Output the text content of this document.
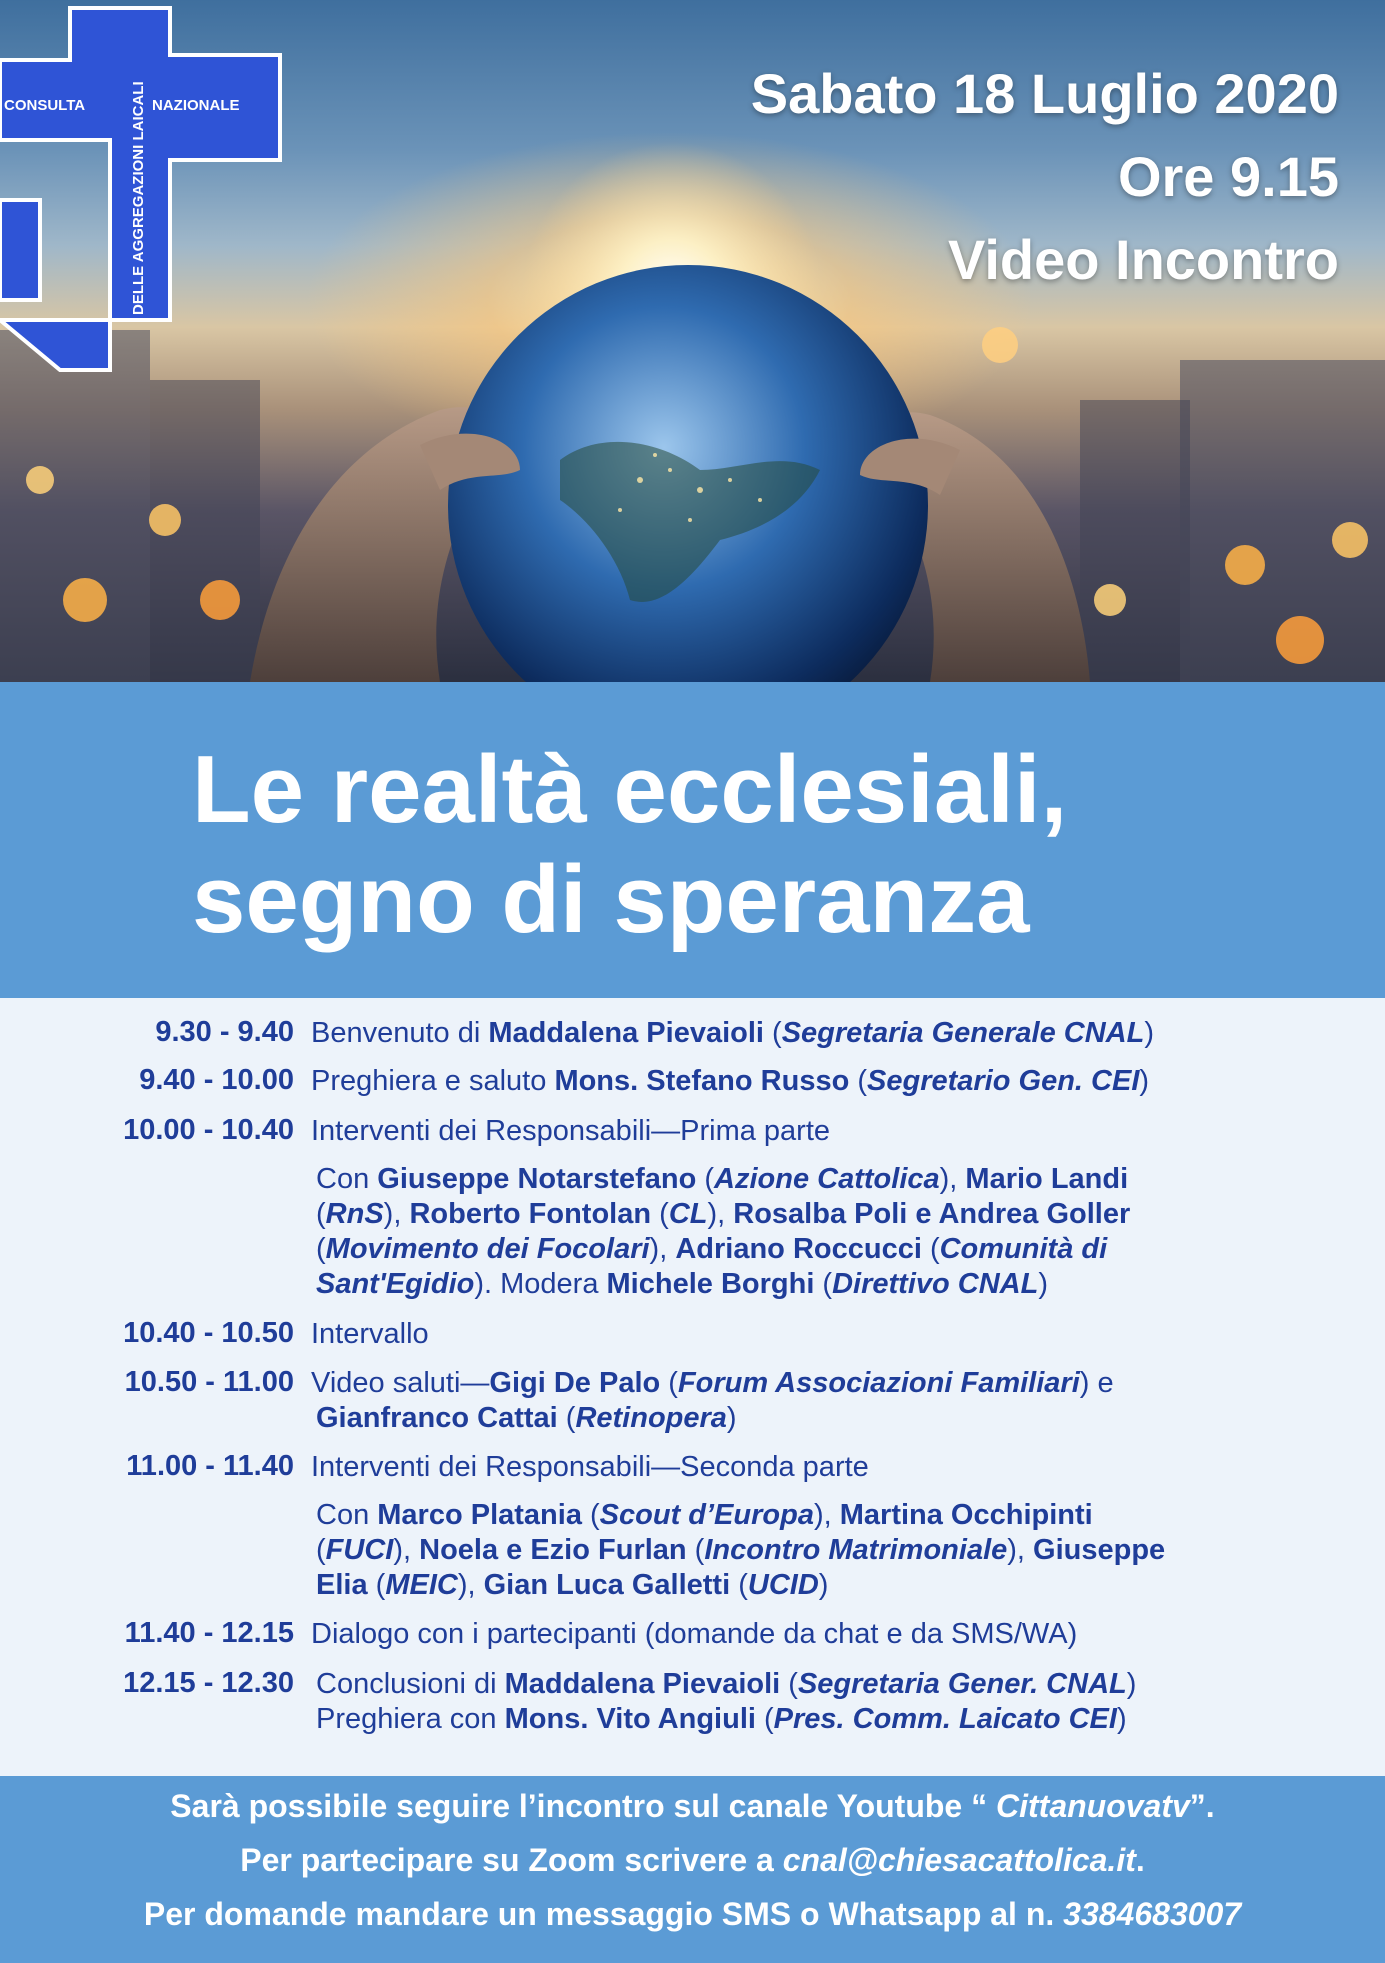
CONSULTA	NAZIONALE
DELLE AGGREGAZIONI LAICALI	Sabato 18 Luglio 2020
Ore 9.15
Video Incontro
Le realtà ecclesiali,
segno di speranza
9.30 - 9.40 Benvenuto di Maddalena Pievaioli (Segretaria Generale CNAL)
9.40 - 10.00 Preghiera e saluto Mons. Stefano Russo (Segretario Gen. CEI)
10.00 - 10.40 Interventi dei Responsabili—Prima parte
Con Giuseppe Notarstefano (Azione Cattolica), Mario Landi
(RnS), Roberto Fontolan (CL), Rosalba Poli e Andrea Goller
(Movimento dei Focolari), Adriano Roccucci (Comunità di
Sant'Egidio). Modera Michele Borghi (Direttivo CNAL)
10.40 - 10.50 Intervallo
10.50 - 11.00 Video saluti—Gigi De Palo (Forum Associazioni Familiari) e
Gianfranco Cattai (Retinopera)
11.00 - 11.40 Interventi dei Responsabili—Seconda parte
Con Marco Platania (Scout d’Europa), Martina Occhipinti
(FUCI), Noela e Ezio Furlan (Incontro Matrimoniale), Giuseppe
Elia (MEIC), Gian Luca Galletti (UCID)
11.40 - 12.15 Dialogo con i partecipanti (domande da chat e da SMS/WA)
12.15 - 12.30 Conclusioni di Maddalena Pievaioli (Segretaria Gener. CNAL)
Preghiera con Mons. Vito Angiuli (Pres. Comm. Laicato CEI)
Sarà possibile seguire l’incontro sul canale Youtube “ Cittanuovatv”.
Per partecipare su Zoom scrivere a cnal@chiesacattolica.it.
Per domande mandare un messaggio SMS o Whatsapp al n. 3384683007
